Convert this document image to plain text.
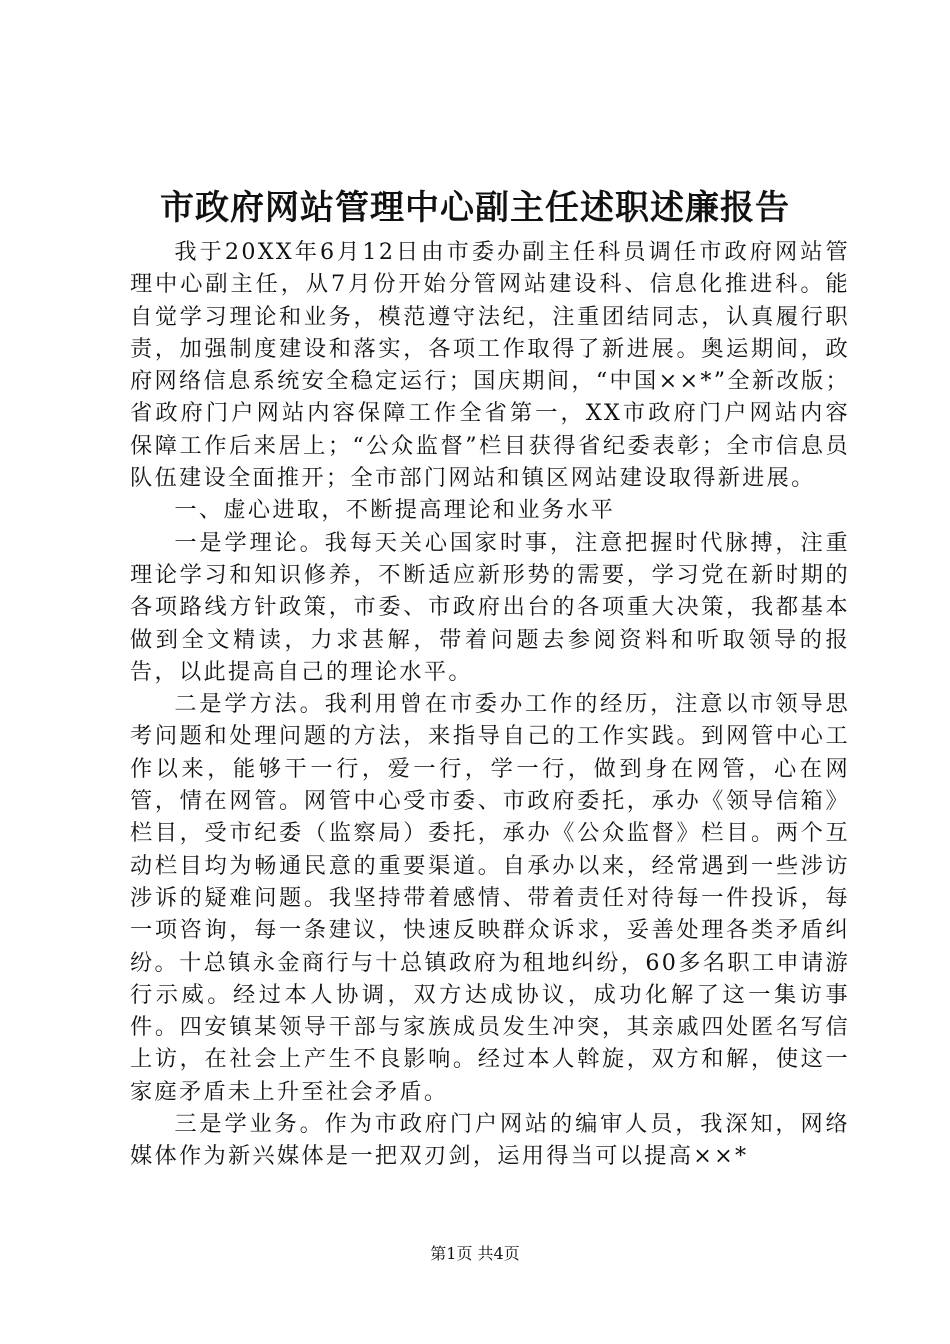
市政府网站管理中心副主任述职述廉报告

我于20XX年6月12日由市委办副主任科员调任市政府网站管理中心副主任，从7月份开始分管网站建设科、信息化推进科。能自觉学习理论和业务，模范遵守法纪，注重团结同志，认真履行职责，加强制度建设和落实，各项工作取得了新进展。奥运期间，政府网络信息系统安全稳定运行；国庆期间，“中国××*”全新改版；省政府门户网站内容保障工作全省第一，XX市政府门户网站内容保障工作后来居上；“公众监督”栏目获得省纪委表彰；全市信息员队伍建设全面推开；全市部门网站和镇区网站建设取得新进展。

一、虚心进取，不断提高理论和业务水平

一是学理论。我每天关心国家时事，注意把握时代脉搏，注重理论学习和知识修养，不断适应新形势的需要，学习党在新时期的各项路线方针政策，市委、市政府出台的各项重大决策，我都基本做到全文精读，力求甚解，带着问题去参阅资料和听取领导的报告，以此提高自己的理论水平。

二是学方法。我利用曾在市委办工作的经历，注意以市领导思考问题和处理问题的方法，来指导自己的工作实践。到网管中心工作以来，能够干一行，爱一行，学一行，做到身在网管，心在网管，情在网管。网管中心受市委、市政府委托，承办《领导信箱》栏目，受市纪委（监察局）委托，承办《公众监督》栏目。两个互动栏目均为畅通民意的重要渠道。自承办以来，经常遇到一些涉访涉诉的疑难问题。我坚持带着感情、带着责任对待每一件投诉，每一项咨询，每一条建议，快速反映群众诉求，妥善处理各类矛盾纠纷。十总镇永金商行与十总镇政府为租地纠纷，60多名职工申请游行示威。经过本人协调，双方达成协议，成功化解了这一集访事件。四安镇某领导干部与家族成员发生冲突，其亲戚四处匿名写信上访，在社会上产生不良影响。经过本人斡旋，双方和解，使这一家庭矛盾未上升至社会矛盾。

三是学业务。作为市政府门户网站的编审人员，我深知，网络媒体作为新兴媒体是一把双刃剑，运用得当可以提高××*

第1页 共4页
